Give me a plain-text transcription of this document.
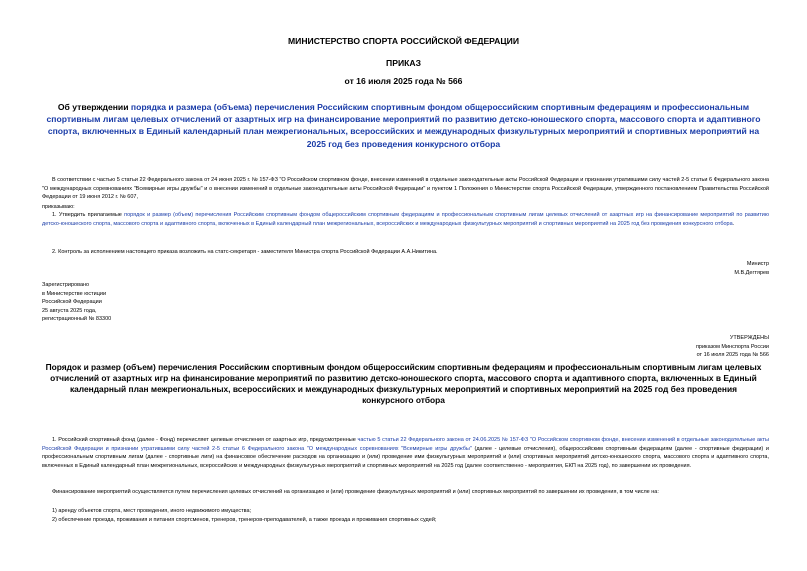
МИНИСТЕРСТВО СПОРТА РОССИЙСКОЙ ФЕДЕРАЦИИ
ПРИКАЗ
от 16 июля 2025 года № 566
Об утверждении порядка и размера (объема) перечисления Российским спортивным фондом общероссийским спортивным федерациям и профессиональным спортивным лигам целевых отчислений от азартных игр на финансирование мероприятий по развитию детско-юношеского спорта, массового спорта и адаптивного спорта, включенных в Единый календарный план межрегиональных, всероссийских и международных физкультурных мероприятий и спортивных мероприятий на 2025 год без проведения конкурсного отбора
В соответствии с частью 5 статьи 22 Федерального закона от 24 июня 2025 г. № 157-ФЗ "О Российском спортивном фонде, внесении изменений в отдельные законодательные акты Российской Федерации и признании утратившими силу частей 2-5 статьи 6 Федерального закона "О международных соревнованиях "Всемирные игры дружбы" и о внесении изменений в отдельные законодательные акты Российской Федерации" и пунктом 1 Положения о Министерстве спорта Российской Федерации, утвержденного постановлением Правительства Российской Федерации от 19 июня 2012 г. № 607,
приказываю:
1. Утвердить прилагаемые порядок и размер (объем) перечисления Российским спортивным фондом общероссийским спортивным федерациям и профессиональным спортивным лигам целевых отчислений от азартных игр на финансирование мероприятий по развитию детско-юношеского спорта, массового спорта и адаптивного спорта, включенных в Единый календарный план межрегиональных, всероссийских и международных физкультурных мероприятий и спортивных мероприятий на 2025 год без проведения конкурсного отбора.
2. Контроль за исполнением настоящего приказа возложить на статс-секретаря - заместителя Министра спорта Российской Федерации А.А.Никитина.
Министр
М.В.Дегтярев
Зарегистрировано
в Министерстве юстиции
Российской Федерации
25 августа 2025 года,
регистрационный № 83300
УТВЕРЖДЕНЫ
приказом Минспорта России
от 16 июля 2025 года № 566
Порядок и размер (объем) перечисления Российским спортивным фондом общероссийским спортивным федерациям и профессиональным спортивным лигам целевых отчислений от азартных игр на финансирование мероприятий по развитию детско-юношеского спорта, массового спорта и адаптивного спорта, включенных в Единый календарный план межрегиональных, всероссийских и международных физкультурных мероприятий и спортивных мероприятий на 2025 год без проведения конкурсного отбора
1. Российский спортивный фонд (далее - Фонд) перечисляет целевые отчисления от азартных игр, предусмотренные частью 5 статьи 22 Федерального закона от 24.06.2025 № 157-ФЗ "О Российском спортивном фонде, внесении изменений в отдельные законодательные акты Российской Федерации и признании утратившими силу частей 2-5 статьи 6 Федерального закона "О международных соревнованиях "Всемирные игры дружбы" (далее - целевые отчисления), общероссийским спортивным федерациям (далее - спортивные федерации) и профессиональным спортивным лигам (далее - спортивные лиги) на финансовое обеспечение расходов на организацию и (или) проведение ими физкультурных мероприятий и (или) спортивных мероприятий детско-юношеского спорта, массового спорта и адаптивного спорта, включенных в Единый календарный план межрегиональных, всероссийских и международных физкультурных мероприятий и спортивных мероприятий на 2025 год (далее соответственно - мероприятия, ЕКП на 2025 год), по завершении их проведения.
Финансирование мероприятий осуществляется путем перечисления целевых отчислений на организацию и (или) проведение физкультурных мероприятий и (или) спортивных мероприятий по завершении их проведения, в том числе на:
1) аренду объектов спорта, мест проведения, иного недвижимого имущества;
2) обеспечение проезда, проживания и питания спортсменов, тренеров, тренеров-преподавателей, а также проезда и проживания спортивных судей;
